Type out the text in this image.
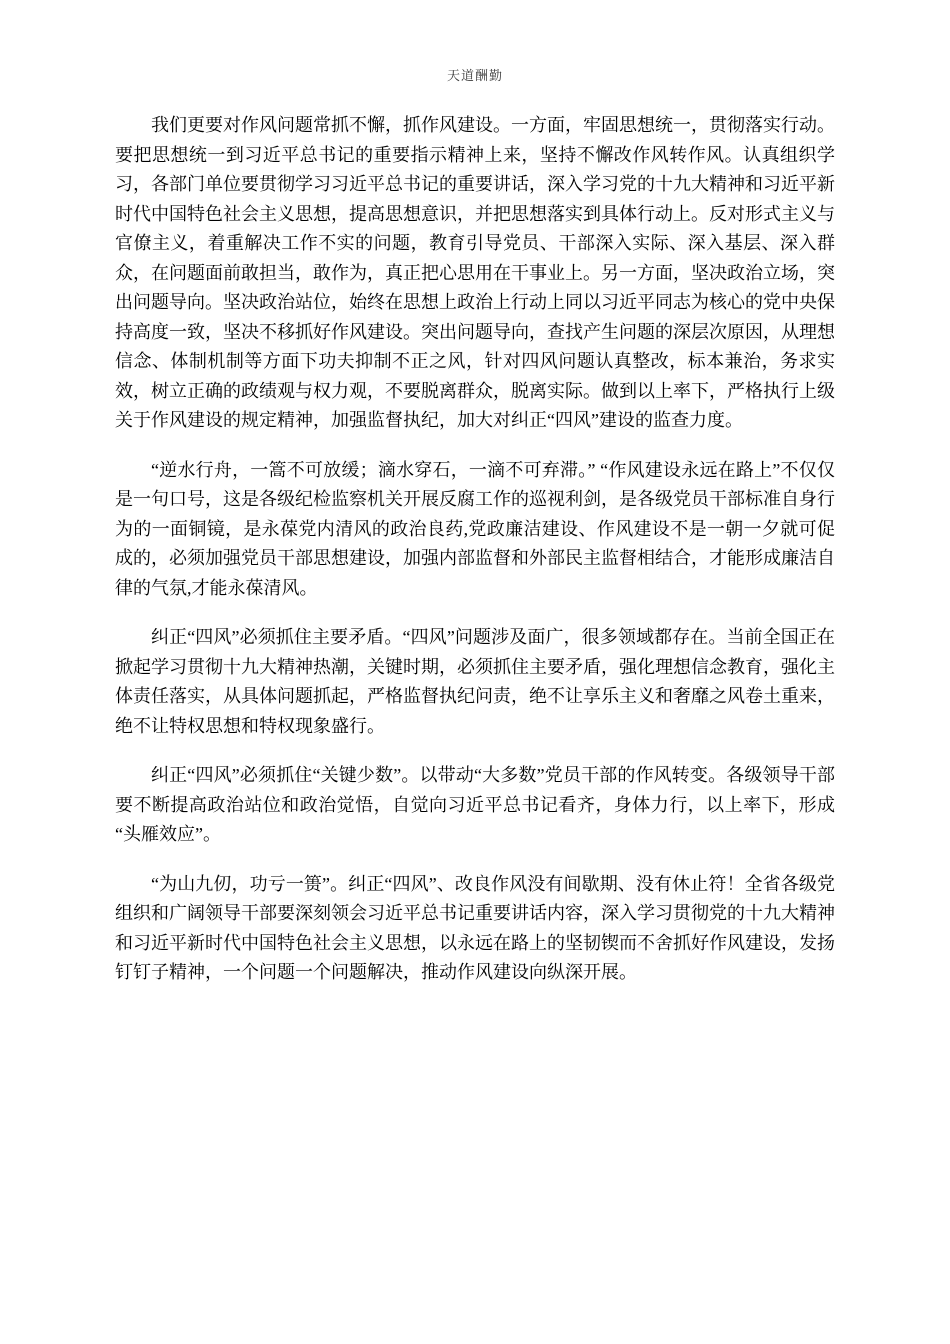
天道酬勤

我们更要对作风问题常抓不懈，抓作风建设。一方面，牢固思想统一，贯彻落实行动。要把思想统一到习近平总书记的重要指示精神上来，坚持不懈改作风转作风。认真组织学习，各部门单位要贯彻学习习近平总书记的重要讲话，深入学习党的十九大精神和习近平新时代中国特色社会主义思想，提高思想意识，并把思想落实到具体行动上。反对形式主义与官僚主义，着重解决工作不实的问题，教育引导党员、干部深入实际、深入基层、深入群众，在问题面前敢担当，敢作为，真正把心思用在干事业上。另一方面，坚决政治立场，突出问题导向。坚决政治站位，始终在思想上政治上行动上同以习近平同志为核心的党中央保持高度一致，坚决不移抓好作风建设。突出问题导向，查找产生问题的深层次原因，从理想信念、体制机制等方面下功夫抑制不正之风，针对四风问题认真整改，标本兼治，务求实效，树立正确的政绩观与权力观，不要脱离群众，脱离实际。做到以上率下，严格执行上级关于作风建设的规定精神，加强监督执纪，加大对纠正“四风”建设的监查力度。

“逆水行舟，一篙不可放缓；滴水穿石，一滴不可弃滞。” “作风建设永远在路上”不仅仅是一句口号，这是各级纪检监察机关开展反腐工作的巡视利剑，是各级党员干部标准自身行为的一面铜镜，是永葆党内清风的政治良药,党政廉洁建设、作风建设不是一朝一夕就可促成的，必须加强党员干部思想建设，加强内部监督和外部民主监督相结合，才能形成廉洁自律的气氛,才能永葆清风。

纠正“四风”必须抓住主要矛盾。“四风”问题涉及面广，很多领域都存在。当前全国正在掀起学习贯彻十九大精神热潮，关键时期，必须抓住主要矛盾，强化理想信念教育，强化主体责任落实，从具体问题抓起，严格监督执纪问责，绝不让享乐主义和奢靡之风卷土重来，绝不让特权思想和特权现象盛行。

纠正“四风”必须抓住“关键少数”。以带动“大多数”党员干部的作风转变。各级领导干部要不断提高政治站位和政治觉悟，自觉向习近平总书记看齐，身体力行，以上率下，形成“头雁效应”。

“为山九仞，功亏一篑”。纠正“四风”、改良作风没有间歇期、没有休止符！全省各级党组织和广阔领导干部要深刻领会习近平总书记重要讲话内容，深入学习贯彻党的十九大精神和习近平新时代中国特色社会主义思想，以永远在路上的坚韧锲而不舍抓好作风建设，发扬钉钉子精神，一个问题一个问题解决，推动作风建设向纵深开展。
